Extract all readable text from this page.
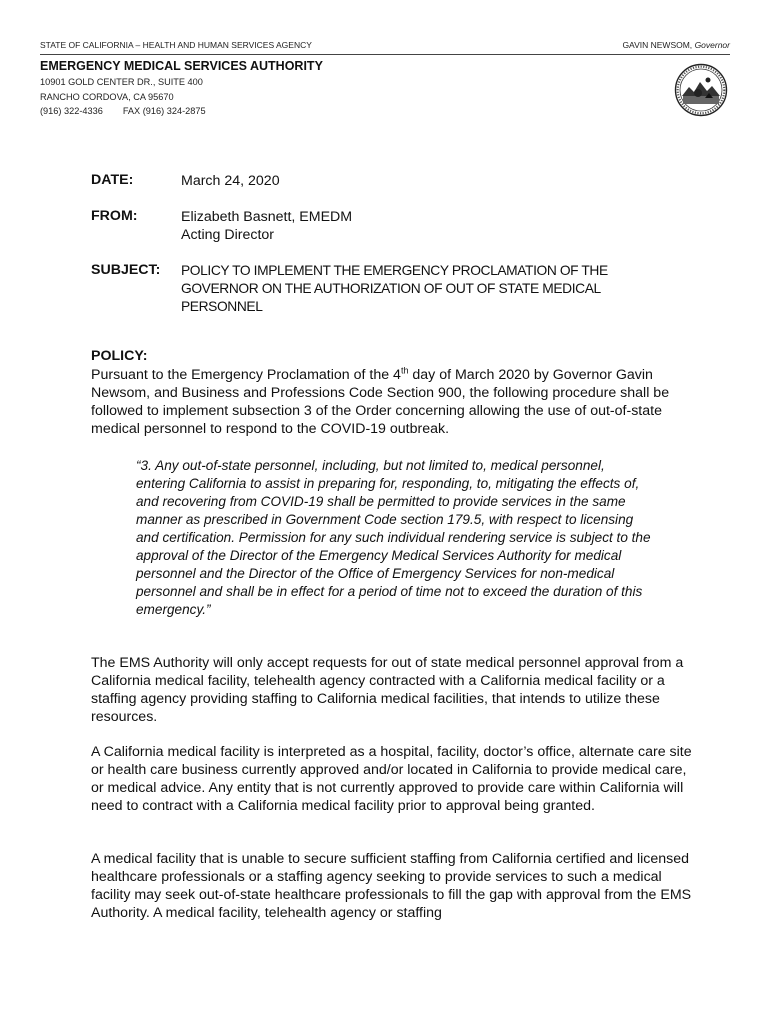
STATE OF CALIFORNIA – HEALTH AND HUMAN SERVICES AGENCY	GAVIN NEWSOM, Governor
EMERGENCY MEDICAL SERVICES AUTHORITY
10901 GOLD CENTER DR., SUITE 400
RANCHO CORDOVA, CA 95670
(916) 322-4336 FAX (916) 324-2875
DATE:	March 24, 2020
FROM:	Elizabeth Basnett, EMEDM
Acting Director
SUBJECT: POLICY TO IMPLEMENT THE EMERGENCY PROCLAMATION OF THE
GOVERNOR ON THE AUTHORIZATION OF OUT OF STATE MEDICAL
PERSONNEL
POLICY:
Pursuant to the Emergency Proclamation of the 4th day of March 2020 by Governor Gavin Newsom, and Business and Professions Code Section 900, the following procedure shall be followed to implement subsection 3 of the Order concerning allowing the use of out-of-state medical personnel to respond to the COVID-19 outbreak.
“3. Any out-of-state personnel, including, but not limited to, medical personnel, entering California to assist in preparing for, responding, to, mitigating the effects of, and recovering from COVID-19 shall be permitted to provide services in the same manner as prescribed in Government Code section 179.5, with respect to licensing and certification. Permission for any such individual rendering service is subject to the approval of the Director of the Emergency Medical Services Authority for medical personnel and the Director of the Office of Emergency Services for non-medical personnel and shall be in effect for a period of time not to exceed the duration of this emergency.”
The EMS Authority will only accept requests for out of state medical personnel approval from a California medical facility, telehealth agency contracted with a California medical facility or a staffing agency providing staffing to California medical facilities, that intends to utilize these resources.
A California medical facility is interpreted as a hospital, facility, doctor’s office, alternate care site or health care business currently approved and/or located in California to provide medical care, or medical advice. Any entity that is not currently approved to provide care within California will need to contract with a California medical facility prior to approval being granted.
A medical facility that is unable to secure sufficient staffing from California certified and licensed healthcare professionals or a staffing agency seeking to provide services to such a medical facility may seek out-of-state healthcare professionals to fill the gap with approval from the EMS Authority. A medical facility, telehealth agency or staffing
